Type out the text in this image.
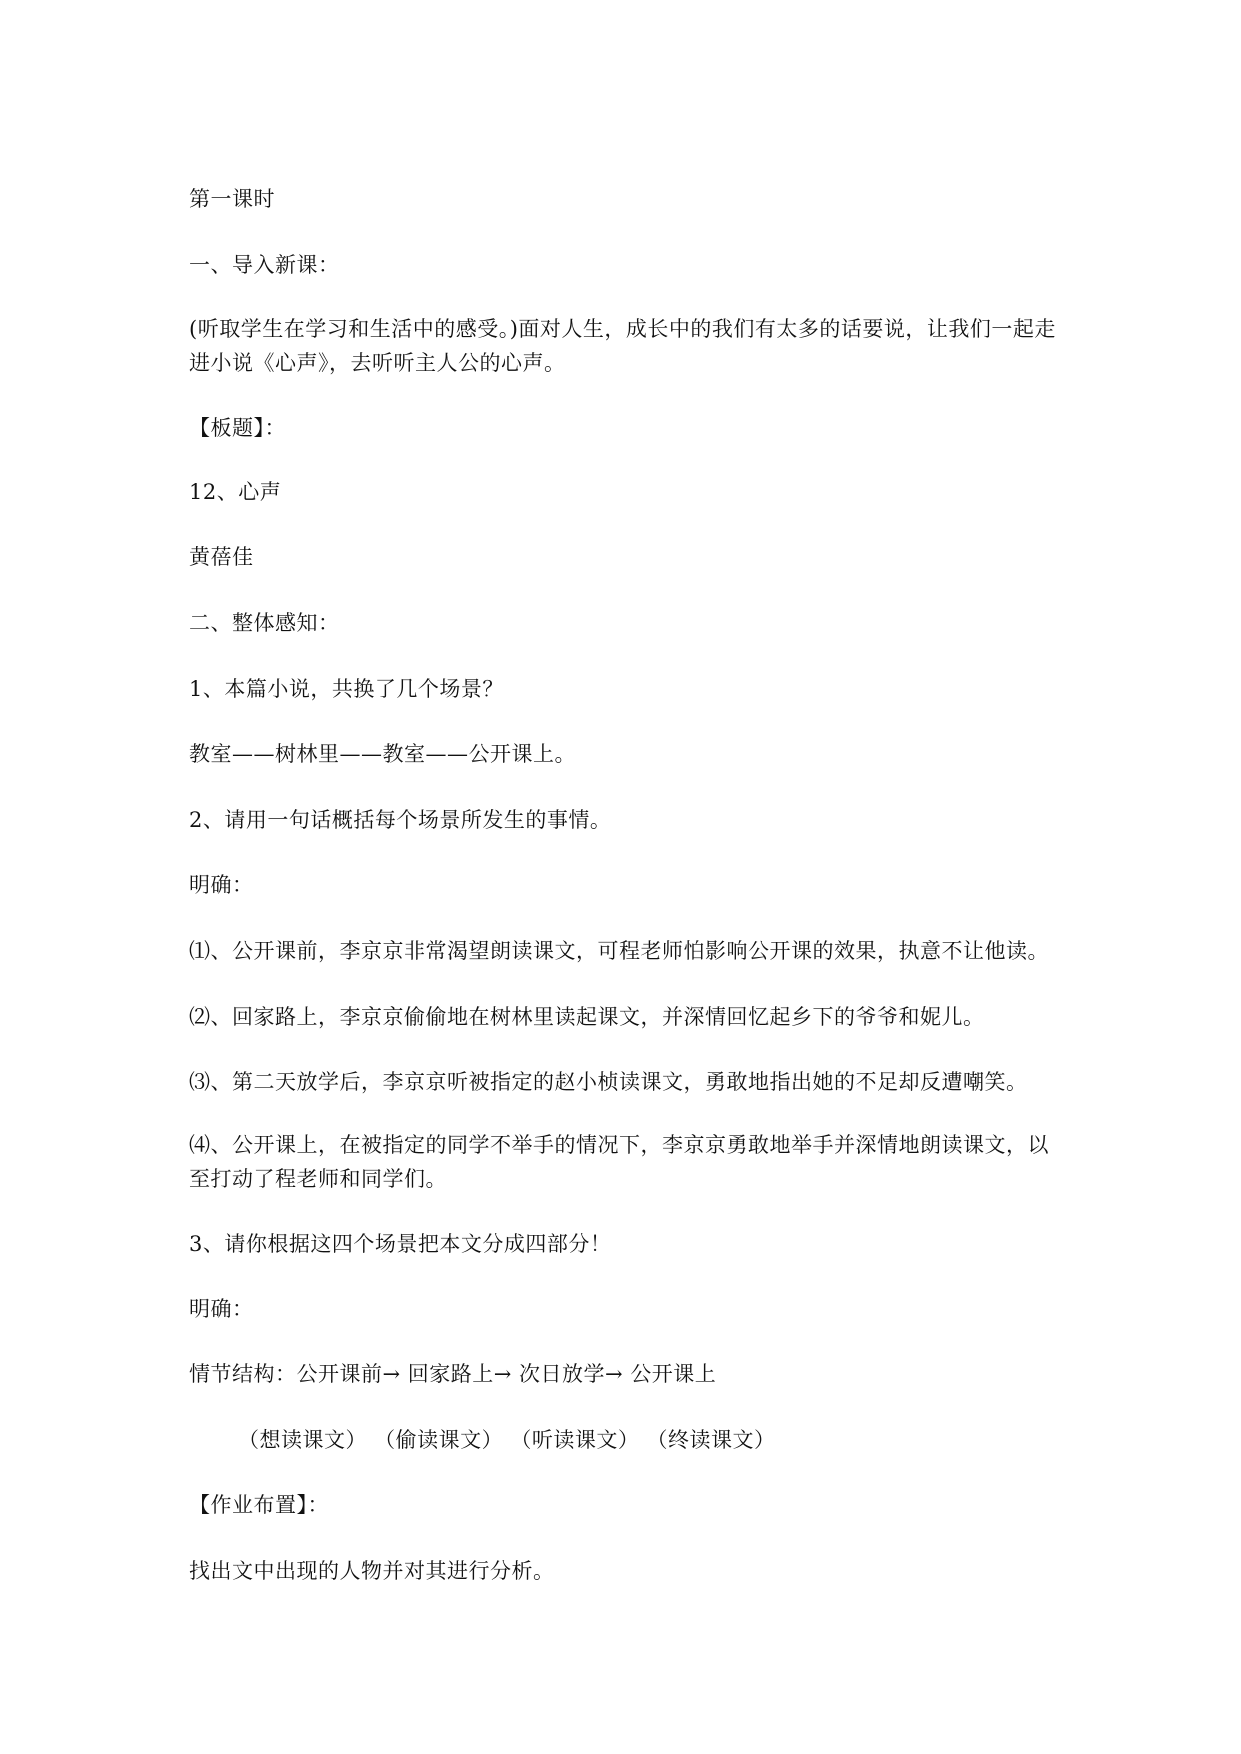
第一课时
一、导入新课：
(听取学生在学习和生活中的感受。)面对人生，成长中的我们有太多的话要说，让我们一起走进小说《心声》，去听听主人公的心声。
【板题】：
12、心声
黄蓓佳
二、整体感知：
1、本篇小说，共换了几个场景？
教室——树林里——教室——公开课上。
2、请用一句话概括每个场景所发生的事情。
明确：
⑴、公开课前，李京京非常渴望朗读课文，可程老师怕影响公开课的效果，执意不让他读。
⑵、回家路上，李京京偷偷地在树林里读起课文，并深情回忆起乡下的爷爷和妮儿。
⑶、第二天放学后，李京京听被指定的赵小桢读课文，勇敢地指出她的不足却反遭嘲笑。
⑷、公开课上，在被指定的同学不举手的情况下，李京京勇敢地举手并深情地朗读课文，以至打动了程老师和同学们。
3、请你根据这四个场景把本文分成四部分！
明确：
情节结构：公开课前→ 回家路上→ 次日放学→ 公开课上
（想读课文） （偷读课文） （听读课文） （终读课文）
【作业布置】：
找出文中出现的人物并对其进行分析。
